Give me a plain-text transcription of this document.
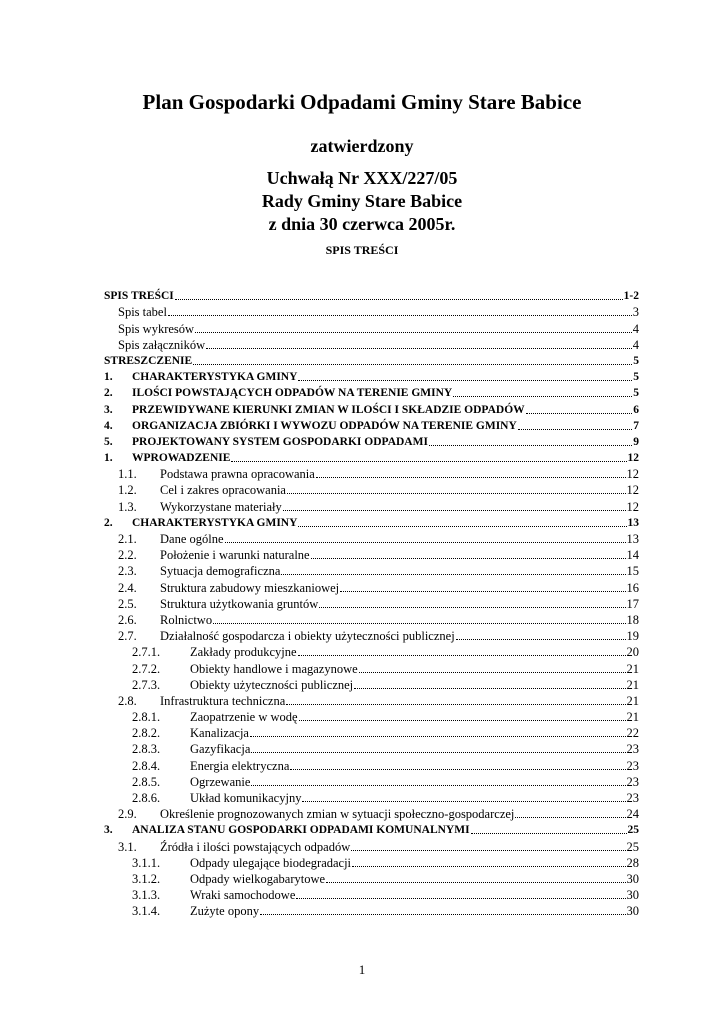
Plan Gospodarki Odpadami Gminy Stare Babice
zatwierdzony
Uchwałą Nr XXX/227/05
Rady Gminy Stare Babice
z dnia 30 czerwca 2005r.
SPIS TREŚCI
SPIS TREŚCI	1-2
Spis tabel	3
Spis wykresów	4
Spis załączników	4
STRESZCZENIE	5
1.	CHARAKTERYSTYKA GMINY	5
2.	ILOŚCI POWSTAJĄCYCH ODPADÓW NA TERENIE GMINY	5
3.	PRZEWIDYWANE KIERUNKI ZMIAN W ILOŚCI I SKŁADZIE ODPADÓW	6
4.	ORGANIZACJA ZBIÓRKI I WYWOZU ODPADÓW NA TERENIE GMINY	7
5.	PROJEKTOWANY SYSTEM GOSPODARKI ODPADAMI	9
1.	WPROWADZENIE	12
1.1.	Podstawa prawna opracowania	12
1.2.	Cel i zakres opracowania	12
1.3.	Wykorzystane materiały	12
2.	CHARAKTERYSTYKA GMINY	13
2.1.	Dane ogólne	13
2.2.	Położenie i warunki naturalne	14
2.3.	Sytuacja demograficzna	15
2.4.	Struktura zabudowy mieszkaniowej	16
2.5.	Struktura użytkowania gruntów	17
2.6.	Rolnictwo	18
2.7.	Działalność gospodarcza i obiekty użyteczności publicznej	19
2.7.1.	Zakłady produkcyjne	20
2.7.2.	Obiekty handlowe i magazynowe	21
2.7.3.	Obiekty użyteczności publicznej	21
2.8.	Infrastruktura techniczna	21
2.8.1.	Zaopatrzenie w wodę	21
2.8.2.	Kanalizacja	22
2.8.3.	Gazyfikacja	23
2.8.4.	Energia elektryczna	23
2.8.5.	Ogrzewanie	23
2.8.6.	Układ komunikacyjny	23
2.9.	Określenie prognozowanych zmian w sytuacji społeczno-gospodarczej	24
3.	ANALIZA STANU GOSPODARKI ODPADAMI KOMUNALNYMI	25
3.1.	Źródła i ilości powstających odpadów	25
3.1.1.	Odpady ulegające biodegradacji	28
3.1.2.	Odpady wielkogabarytowe	30
3.1.3.	Wraki samochodowe	30
3.1.4.	Zużyte opony	30
1
